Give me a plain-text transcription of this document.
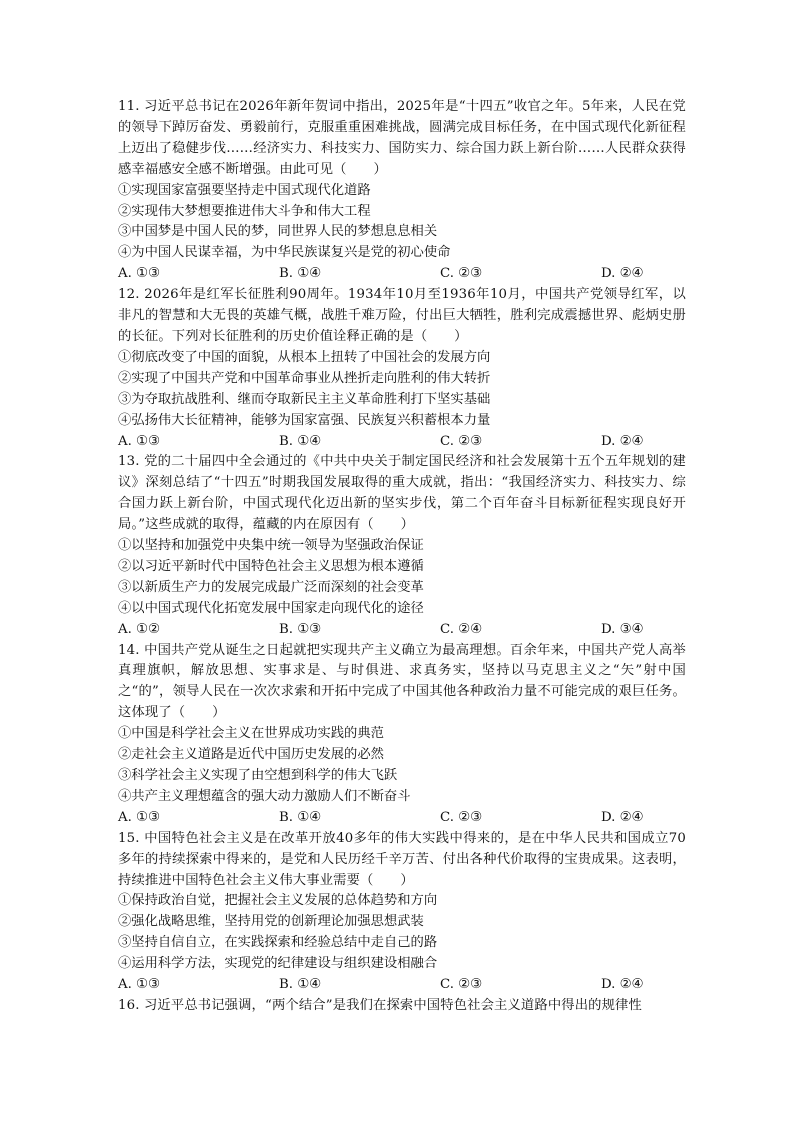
11. 习近平总书记在2026年新年贺词中指出，2025年是“十四五”收官之年。5年来，人民在党的领导下踔厉奋发、勇毅前行，克服重重困难挑战，圆满完成目标任务，在中国式现代化新征程上迈出了稳健步伐……经济实力、科技实力、国防实力、综合国力跃上新台阶……人民群众获得感幸福感安全感不断增强。由此可见（　　）

①实现国家富强要坚持走中国式现代化道路

②实现伟大梦想要推进伟大斗争和伟大工程

③中国梦是中国人民的梦，同世界人民的梦想息息相关

④为中国人民谋幸福，为中华民族谋复兴是党的初心使命

A. ①③	B. ①④	C. ②③	D. ②④

12. 2026年是红军长征胜利90周年。1934年10月至1936年10月，中国共产党领导红军，以非凡的智慧和大无畏的英雄气概，战胜千难万险，付出巨大牺牲，胜利完成震撼世界、彪炳史册的长征。下列对长征胜利的历史价值诠释正确的是（　　）

①彻底改变了中国的面貌，从根本上扭转了中国社会的发展方向

②实现了中国共产党和中国革命事业从挫折走向胜利的伟大转折

③为夺取抗战胜利、继而夺取新民主主义革命胜利打下坚实基础

④弘扬伟大长征精神，能够为国家富强、民族复兴积蓄根本力量

A. ①③	B. ①④	C. ②③	D. ②④

13. 党的二十届四中全会通过的《中共中央关于制定国民经济和社会发展第十五个五年规划的建议》深刻总结了“十四五”时期我国发展取得的重大成就，指出：“我国经济实力、科技实力、综合国力跃上新台阶，中国式现代化迈出新的坚实步伐，第二个百年奋斗目标新征程实现良好开局。”这些成就的取得，蕴藏的内在原因有（　　）

①以坚持和加强党中央集中统一领导为坚强政治保证

②以习近平新时代中国特色社会主义思想为根本遵循

③以新质生产力的发展完成最广泛而深刻的社会变革

④以中国式现代化拓宽发展中国家走向现代化的途径

A. ①②	B. ①③	C. ②④	D. ③④

14. 中国共产党从诞生之日起就把实现共产主义确立为最高理想。百余年来，中国共产党人高举真理旗帜，解放思想、实事求是、与时俱进、求真务实，坚持以马克思主义之“矢”射中国之“的”，领导人民在一次次求索和开拓中完成了中国其他各种政治力量不可能完成的艰巨任务。这体现了（　　）

①中国是科学社会主义在世界成功实践的典范

②走社会主义道路是近代中国历史发展的必然

③科学社会主义实现了由空想到科学的伟大飞跃

④共产主义理想蕴含的强大动力激励人们不断奋斗

A. ①③	B. ①④	C. ②③	D. ②④

15. 中国特色社会主义是在改革开放40多年的伟大实践中得来的，是在中华人民共和国成立70多年的持续探索中得来的，是党和人民历经千辛万苦、付出各种代价取得的宝贵成果。这表明，持续推进中国特色社会主义伟大事业需要（　　）

①保持政治自觉，把握社会主义发展的总体趋势和方向

②强化战略思维，坚持用党的创新理论加强思想武装

③坚持自信自立，在实践探索和经验总结中走自己的路

④运用科学方法，实现党的纪律建设与组织建设相融合

A. ①③	B. ①④	C. ②③	D. ②④

16. 习近平总书记强调，“两个结合”是我们在探索中国特色社会主义道路中得出的规律性
